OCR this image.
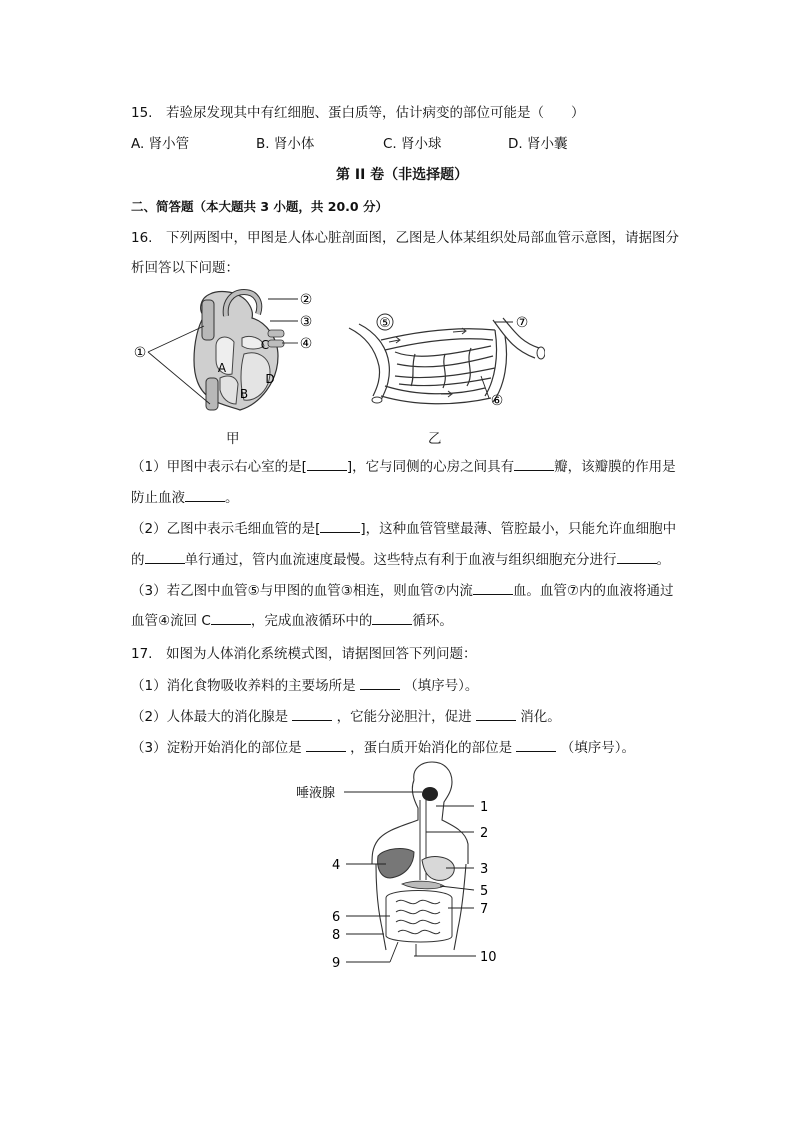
15.　若验尿发现其中有红细胞、蛋白质等，估计病变的部位可能是（　　）
A. 肾小管	B. 肾小体	C. 肾小球	D. 肾小囊
第 II 卷（非选择题）
二、简答题（本大题共 3 小题，共 20.0 分）
16.　下列两图中，甲图是人体心脏剖面图，乙图是人体某组织处局部血管示意图，请据图分
析回答以下问题：
②
③
④
①
A
B
C
D
甲
⑤	⑦
⑥
乙
（1）甲图中表示右心室的是[	]，它与同侧的心房之间具有	瓣，该瓣膜的作用是
防止血液	。
（2）乙图中表示毛细血管的是[	]，这种血管管壁最薄、管腔最小，只能允许血细胞中
的	单行通过，管内血流速度最慢。这些特点有利于血液与组织细胞充分进行	。
（3）若乙图中血管⑤与甲图的血管③相连，则血管⑦内流	血。血管⑦内的血液将通过
血管④流回 C	，完成血液循环中的	循环。
17.　如图为人体消化系统模式图，请据图回答下列问题：
（1）消化食物吸收养料的主要场所是	（填序号）。
（2）人体最大的消化腺是	，它能分泌胆汁，促进	消化。
（3）淀粉开始消化的部位是	，蛋白质开始消化的部位是	（填序号）。
唾液腺
1
2
3
5
7
4
6
8
9	10
